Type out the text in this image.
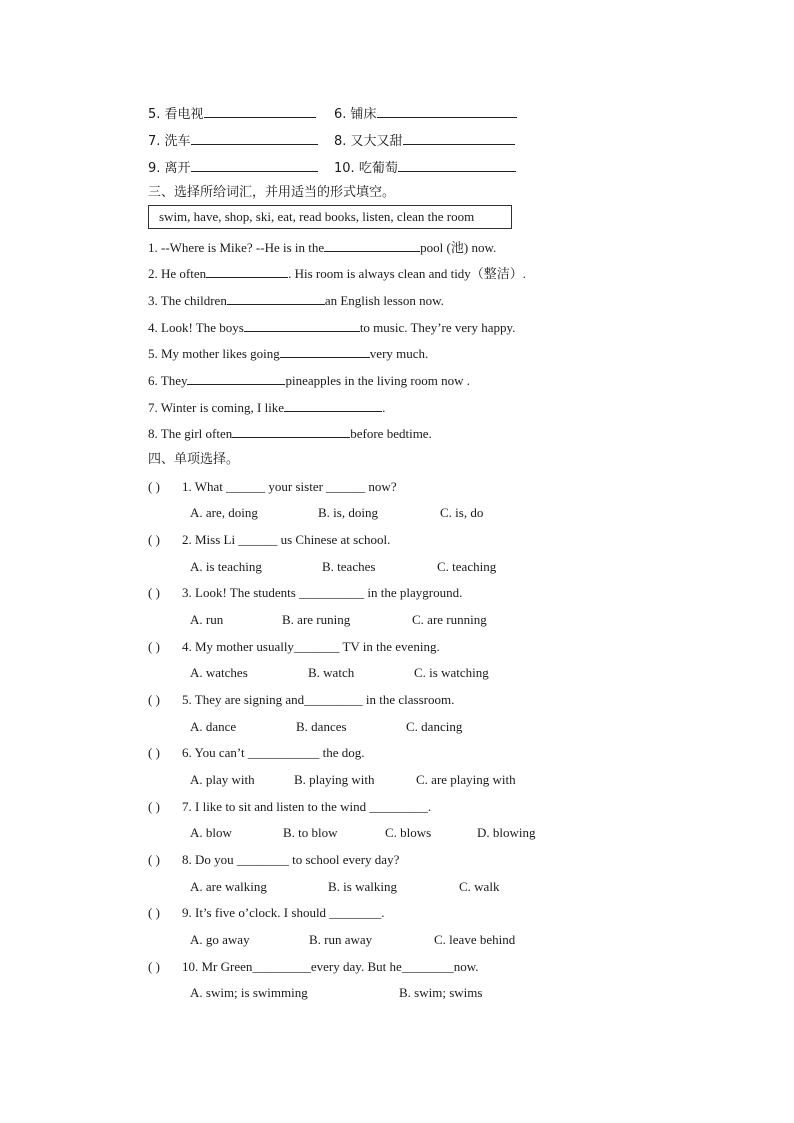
5. 看电视	6. 铺床
7. 洗车	8. 又大又甜
9. 离开	10. 吃葡萄
三、选择所给词汇，并用适当的形式填空。
swim, have, shop, ski, eat, read books, listen, clean the room
1. --Where is Mike? --He is in the	pool (池) now.
2. He often	. His room is always clean and tidy（整洁）.
3. The children	an English lesson now.
4. Look! The boys	to music. They’re very happy.
5. My mother likes going	very much.
6. They	pineapples in the living room now .
7. Winter is coming, I like	.
8. The girl often	before bedtime.
四、单项选择。
( ) 1. What ______ your sister ______ now?
A. are, doing	B. is, doing	C. is, do
( ) 2. Miss Li ______ us Chinese at school.
A. is teaching	B. teaches	C. teaching
( ) 3. Look! The students __________ in the playground.
A. run	B. are runing	C. are running
( ) 4. My mother usually_______ TV in the evening.
A. watches	B. watch	C. is watching
( ) 5. They are signing and_________ in the classroom.
A. dance	B. dances	C. dancing
( ) 6. You can’t ___________ the dog.
A. play with	B. playing with	C. are playing with
( ) 7. I like to sit and listen to the wind _________.
A. blow	B. to blow	C. blows	D. blowing
( ) 8. Do you ________ to school every day?
A. are walking	B. is walking	C. walk
( ) 9. It’s five o’clock. I should ________.
A. go away	B. run away	C. leave behind
( ) 10. Mr Green_________every day. But he________now.
A. swim; is swimming	B. swim; swims
